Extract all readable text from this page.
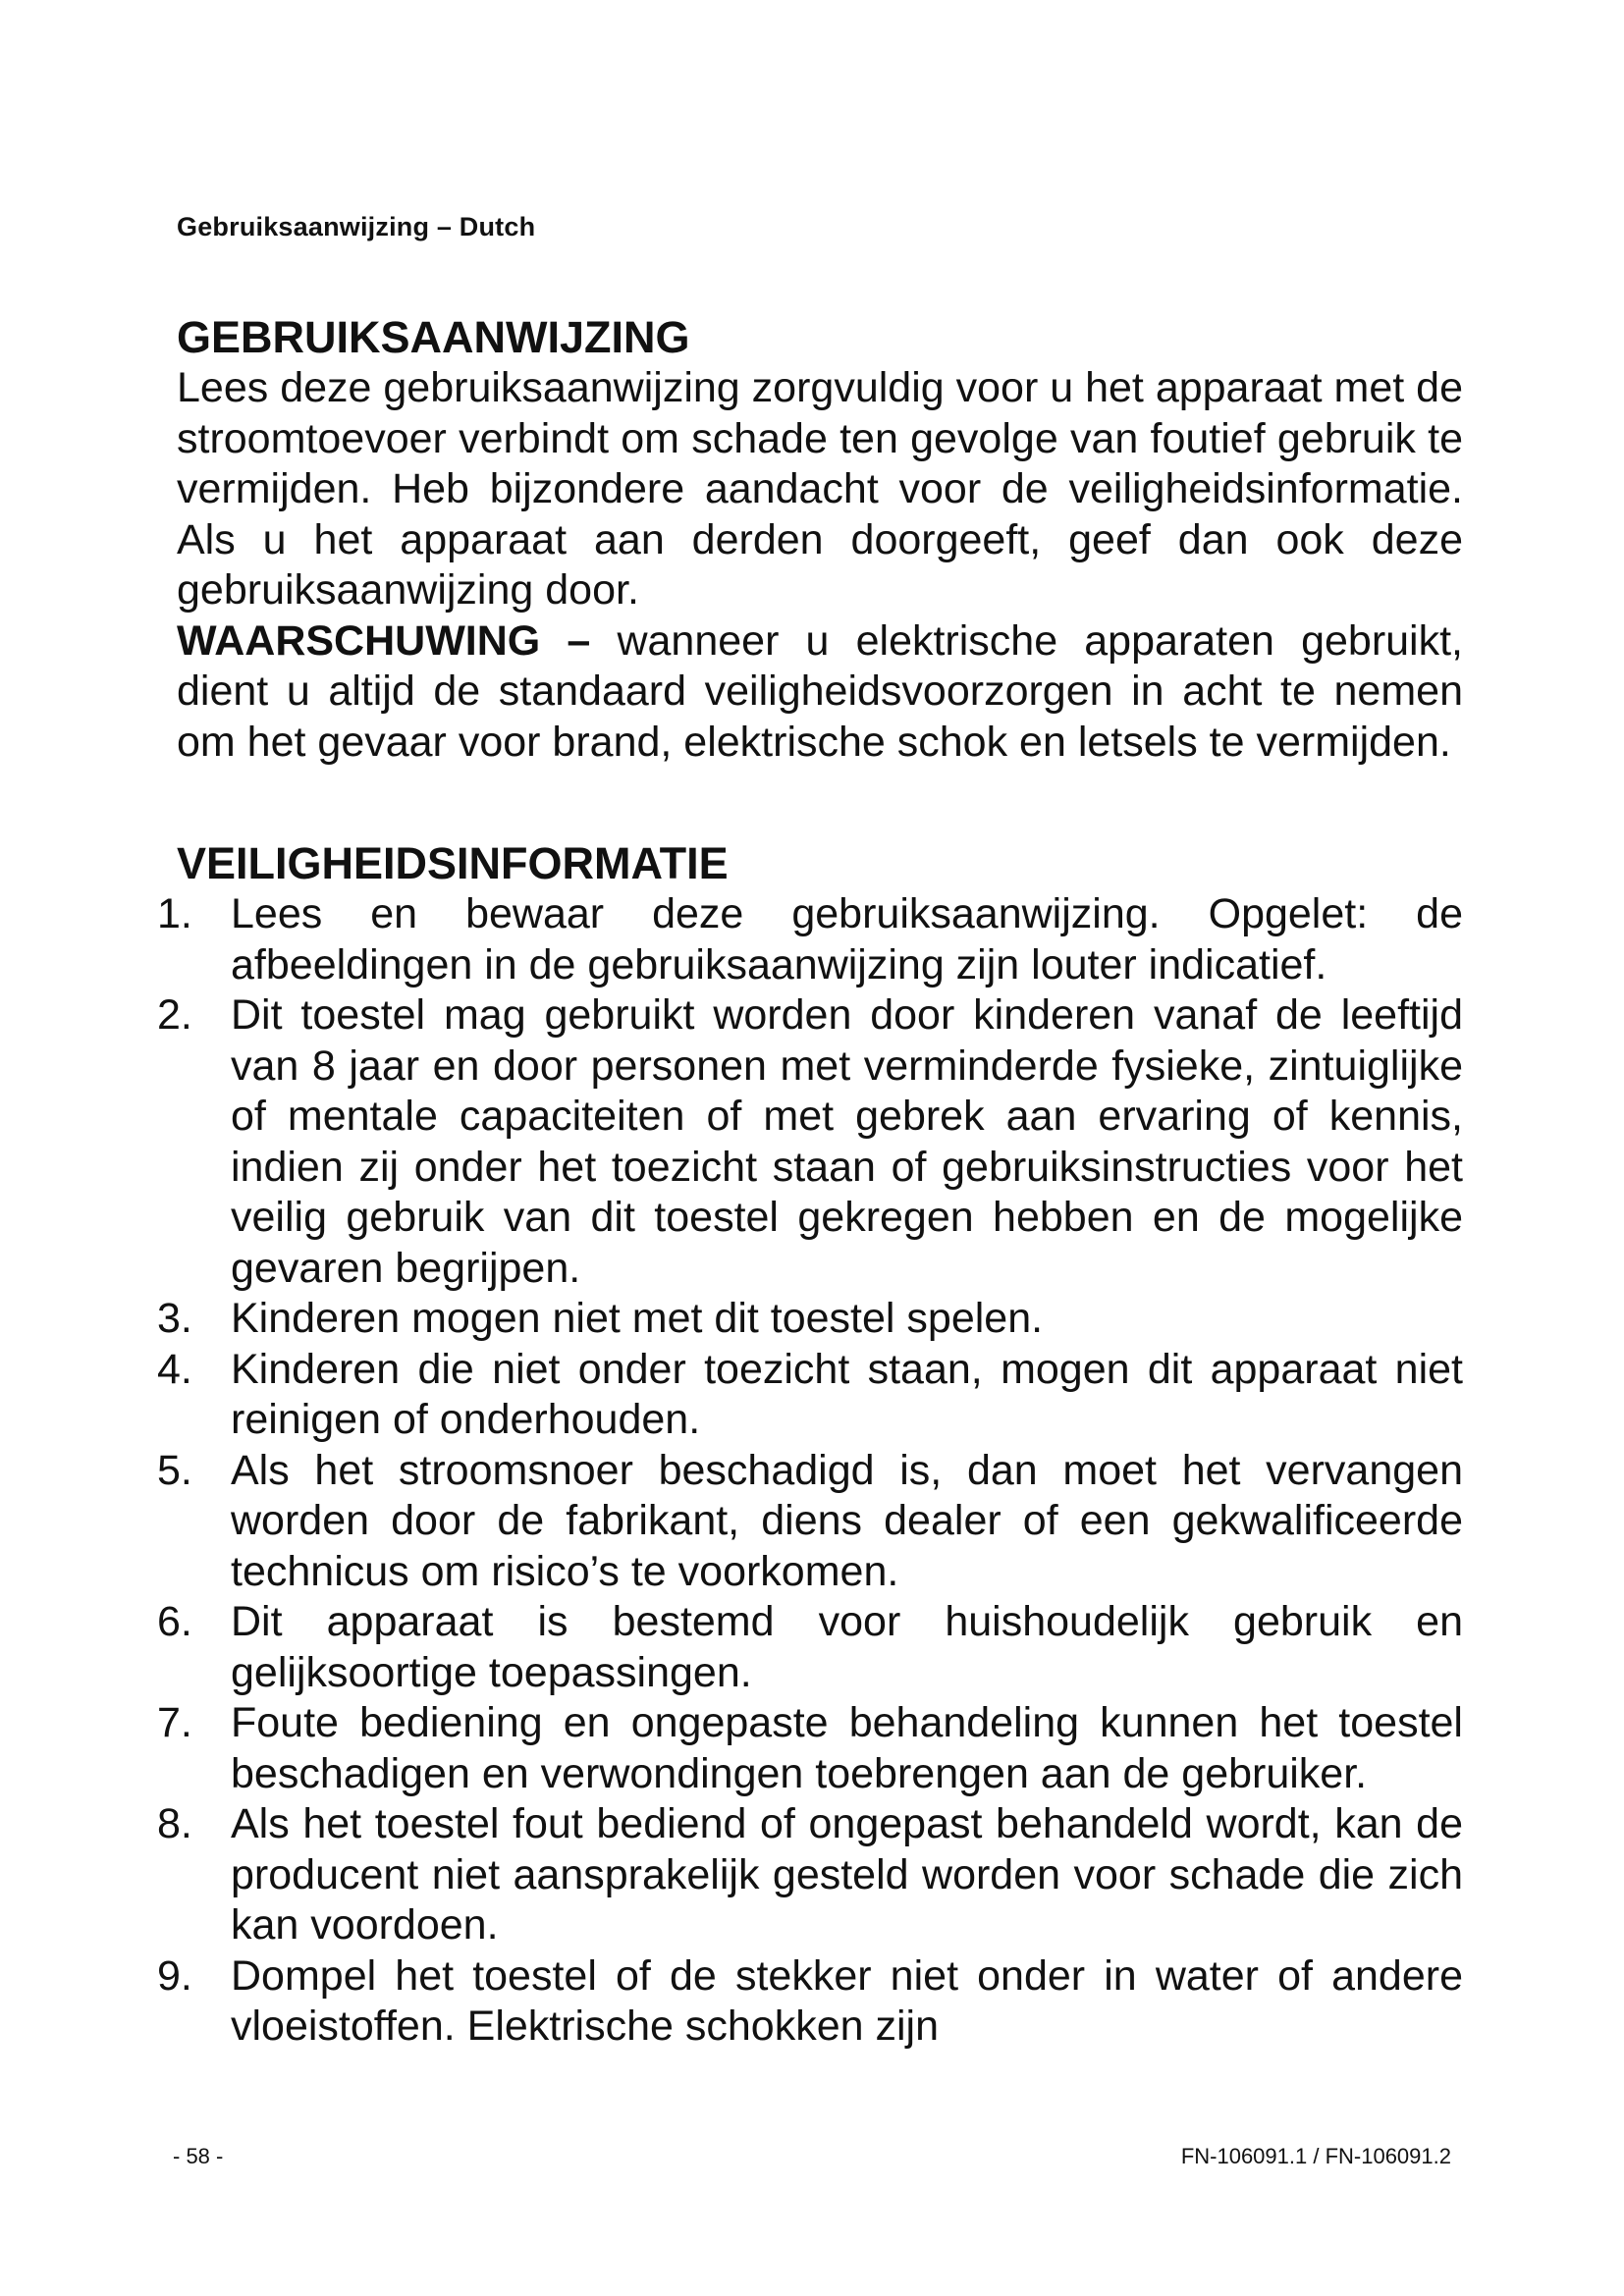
Gebruiksaanwijzing – Dutch
GEBRUIKSAANWIJZING

Lees deze gebruiksaanwijzing zorgvuldig voor u het apparaat met de stroomtoevoer verbindt om schade ten gevolge van foutief gebruik te vermijden. Heb bijzondere aandacht voor de veiligheidsinformatie. Als u het apparaat aan derden doorgeeft, geef dan ook deze gebruiksaanwijzing door.

WAARSCHUWING – wanneer u elektrische apparaten gebruikt, dient u altijd de standaard veiligheidsvoorzorgen in acht te nemen om het gevaar voor brand, elektrische schok en letsels te vermijden.

VEILIGHEIDSINFORMATIE
1. Lees en bewaar deze gebruiksaanwijzing. Opgelet: de afbeeldingen in de gebruiksaanwijzing zijn louter indicatief.
2. Dit toestel mag gebruikt worden door kinderen vanaf de leeftijd van 8 jaar en door personen met verminderde fysieke, zintuiglijke of mentale capaciteiten of met gebrek aan ervaring of kennis, indien zij onder het toezicht staan of gebruiksinstructies voor het veilig gebruik van dit toestel gekregen hebben en de mogelijke gevaren begrijpen.
3. Kinderen mogen niet met dit toestel spelen.
4. Kinderen die niet onder toezicht staan, mogen dit apparaat niet reinigen of onderhouden.
5. Als het stroomsnoer beschadigd is, dan moet het vervangen worden door de fabrikant, diens dealer of een gekwalificeerde technicus om risico’s te voorkomen.
6. Dit apparaat is bestemd voor huishoudelijk gebruik en gelijksoortige toepassingen.
7. Foute bediening en ongepaste behandeling kunnen het toestel beschadigen en verwondingen toebrengen aan de gebruiker.
8. Als het toestel fout bediend of ongepast behandeld wordt, kan de producent niet aansprakelijk gesteld worden voor schade die zich kan voordoen.
9. Dompel het toestel of de stekker niet onder in water of andere vloeistoffen. Elektrische schokken zijn
- 58 -	FN-106091.1 / FN-106091.2
